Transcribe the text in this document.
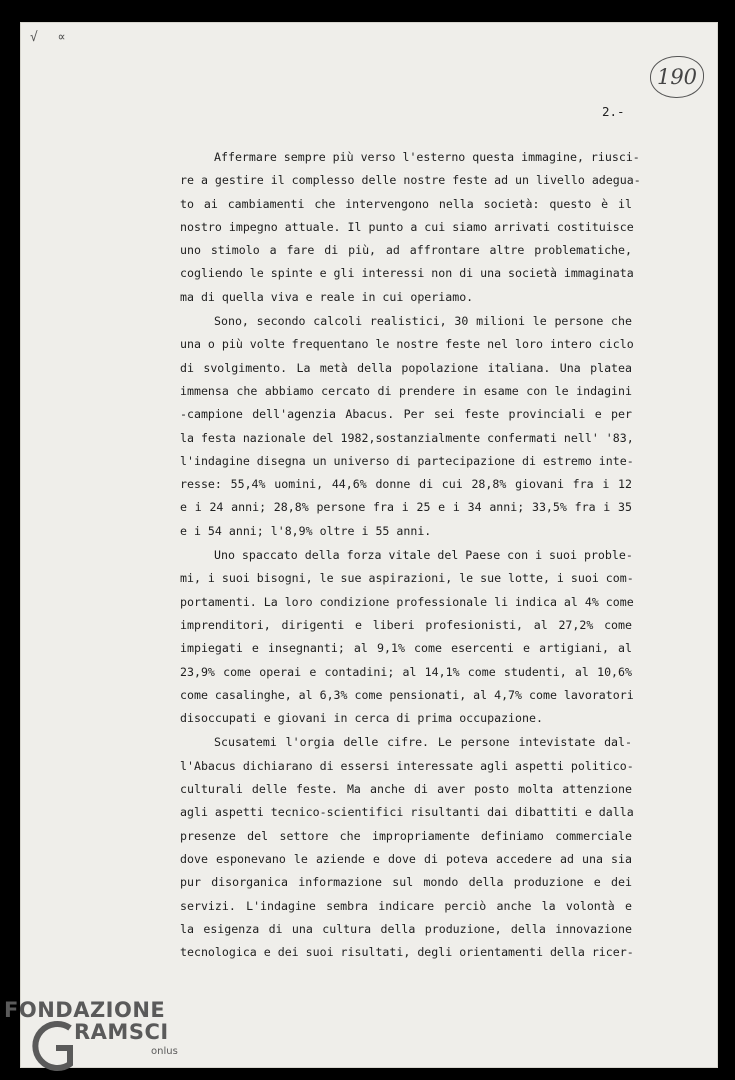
√ ∝
190
2.-
Affermare sempre più verso l'esterno questa immagine, riusci-
re a gestire il complesso delle nostre feste ad un livello adegua-
to ai cambiamenti che intervengono nella società: questo è il
nostro impegno attuale. Il punto a cui siamo arrivati costituisce
uno stimolo a fare di più, ad affrontare altre problematiche,
cogliendo le spinte e gli interessi non di una società immaginata
ma di quella viva e reale in cui operiamo.
Sono, secondo calcoli realistici, 30 milioni le persone che
una o più volte frequentano le nostre feste nel loro intero ciclo
di svolgimento. La metà della popolazione italiana. Una platea
immensa che abbiamo cercato di prendere in esame con le indagini
-campione dell'agenzia Abacus. Per sei feste provinciali e per
la festa nazionale del 1982,sostanzialmente confermati nell' '83,
l'indagine disegna un universo di partecipazione di estremo inte-
resse: 55,4% uomini, 44,6% donne di cui 28,8% giovani fra i 12
e i 24 anni; 28,8% persone fra i 25 e i 34 anni; 33,5% fra i 35
e i 54 anni; l'8,9% oltre i 55 anni.
Uno spaccato della forza vitale del Paese con i suoi proble-
mi, i suoi bisogni, le sue aspirazioni, le sue lotte, i suoi com-
portamenti. La loro condizione professionale li indica al 4% come
imprenditori, dirigenti e liberi profesionisti, al 27,2% come
impiegati e insegnanti; al 9,1% come esercenti e artigiani, al
23,9% come operai e contadini; al 14,1% come studenti, al 10,6%
come casalinghe, al 6,3% come pensionati, al 4,7% come lavoratori
disoccupati e giovani in cerca di prima occupazione.
Scusatemi l'orgia delle cifre. Le persone intevistate dal-
l'Abacus dichiarano di essersi interessate agli aspetti politico-
culturali delle feste. Ma anche di aver posto molta attenzione
agli aspetti tecnico-scientifici risultanti dai dibattiti e dalla
presenze del settore che impropriamente definiamo commerciale
dove esponevano le aziende e dove di poteva accedere ad una sia
pur disorganica informazione sul mondo della produzione e dei
servizi. L'indagine sembra indicare perciò anche la volontà e
la esigenza di una cultura della produzione, della innovazione
tecnologica e dei suoi risultati, degli orientamenti della ricer-
FONDAZIONE
RAMSCI
onlus
